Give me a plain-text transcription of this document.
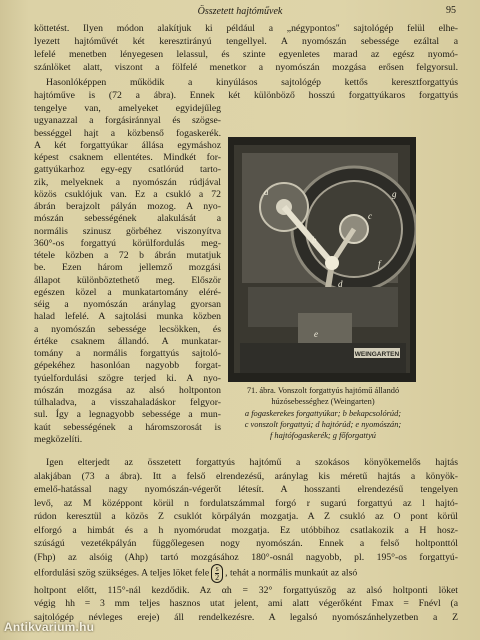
Összetett hajtóművek	95
köttetést. Ilyen módon alakítjuk ki például a „négypontos" sajtológép felül elhe-
lyezett hajtóművét két keresztirányú tengellyel. A nyomószán sebessége ezáltal a
lefelé menetben lényegesen lelassul, és szinte egyenletes marad az egész nyomó-
szánlöket alatt, viszont a fölfelé menetkor a nyomószán mozgása erősen felgyorsul.
Hasonlóképpen működik a kinyúlásos sajtológép kettős keresztforgattyús
hajtóműve is (72 a ábra). Ennek két különböző hosszú forgattyúkaros forgattyús
tengelye van, amelyeket egyidejűleg
ugyanazzal a forgásiránnyal és szögse-
bességgel hajt a közbenső fogaskerék.
A két forgattyúkar állása egymáshoz
képest csaknem ellentétes. Mindkét for-
gattyúkarhoz egy-egy csatlórúd tarto-
zik, melyeknek a nyomószán rúdjával
közös csuklójuk van. Ez a csukló a 72
ábrán berajzolt pályán mozog. A nyo-
mószán sebességének alakulását a
normális szinusz görbéhez viszonyítva
360°-os forgattyú körülfordulás meg-
tétele közben a 72 b ábrán mutatjuk
be. Ezen három jellemző mozgási
állapot különböztethető meg. Először
egészen közel a munkatartomány eléré-
séig a nyomószán aránylag gyorsan
halad lefelé. A sajtolási munka közben
a nyomószán sebessége lecsökken, és
értéke csaknem állandó. A munkatar-
tomány a normális forgattyús sajtoló-
gépekéhez hasonlóan nagyobb forgat-
tyúelfordulási szögre terjed ki. A nyo-
mószán mozgása az alsó holtponton
túlhaladva, a visszahaladáskor felgyor-
sul. Így a legnagyobb sebessége a mun-
kaút sebességének a háromszorosát is
megközelíti.
WEINGARTEN
a
b
c
d
e
f
g
71. ábra. Vonszolt forgattyús hajtómű állandó
húzósebességhez (Weingarten)
a fogaskerekes forgattyúkar; b bekapcsolórúd;
c vonszolt forgattyú; d hajtórúd; e nyomószán;
f hajtófogaskerék; g főforgattyú
Igen elterjedt az összetett forgattyús hajtómű a szokásos könyökemelős hajtás
alakjában (73 a ábra). Itt a felső elrendezésű, aránylag kis méretű hajtás a könyök-
emelő-hatással nagy nyomószán-végerőt létesít. A hosszanti elrendezésű tengelyen
levő, az M középpont körül n fordulatszámmal forgó r sugarú forgattyú az l hajtó-
rúdon keresztül a közös Z csuklót körpályán mozgatja. A Z csukló az O pont körül
elforgó a himbát és a h nyomórudat mozgatja. Ez utóbbihoz csatlakozik a H hosz-
szúságú vezetékpályán függőlegesen nogy nyomószán. Ennek a felső holtponttól
(Fhp) az alsóig (Ahp) tartó mozgásához 180°-osnál nagyobb, pl. 195°-os forgattyú-
elfordulási szög szükséges. A teljes löket fele $\frac{s}{2}$ , tehát a normális munkaút az alsó
holtpont előtt, 115°-nál kezdődik. Az αh = 32° forgattyúszög az alsó holtponti löket
végig hh = 3 mm teljes hasznos utat jelent, ami alatt végerőként Fmax = Fnévl (a
sajtológép névleges ereje) áll rendelkezésre. A legalsó nyomószánhelyzetben a Z
Antikvarium.hu
